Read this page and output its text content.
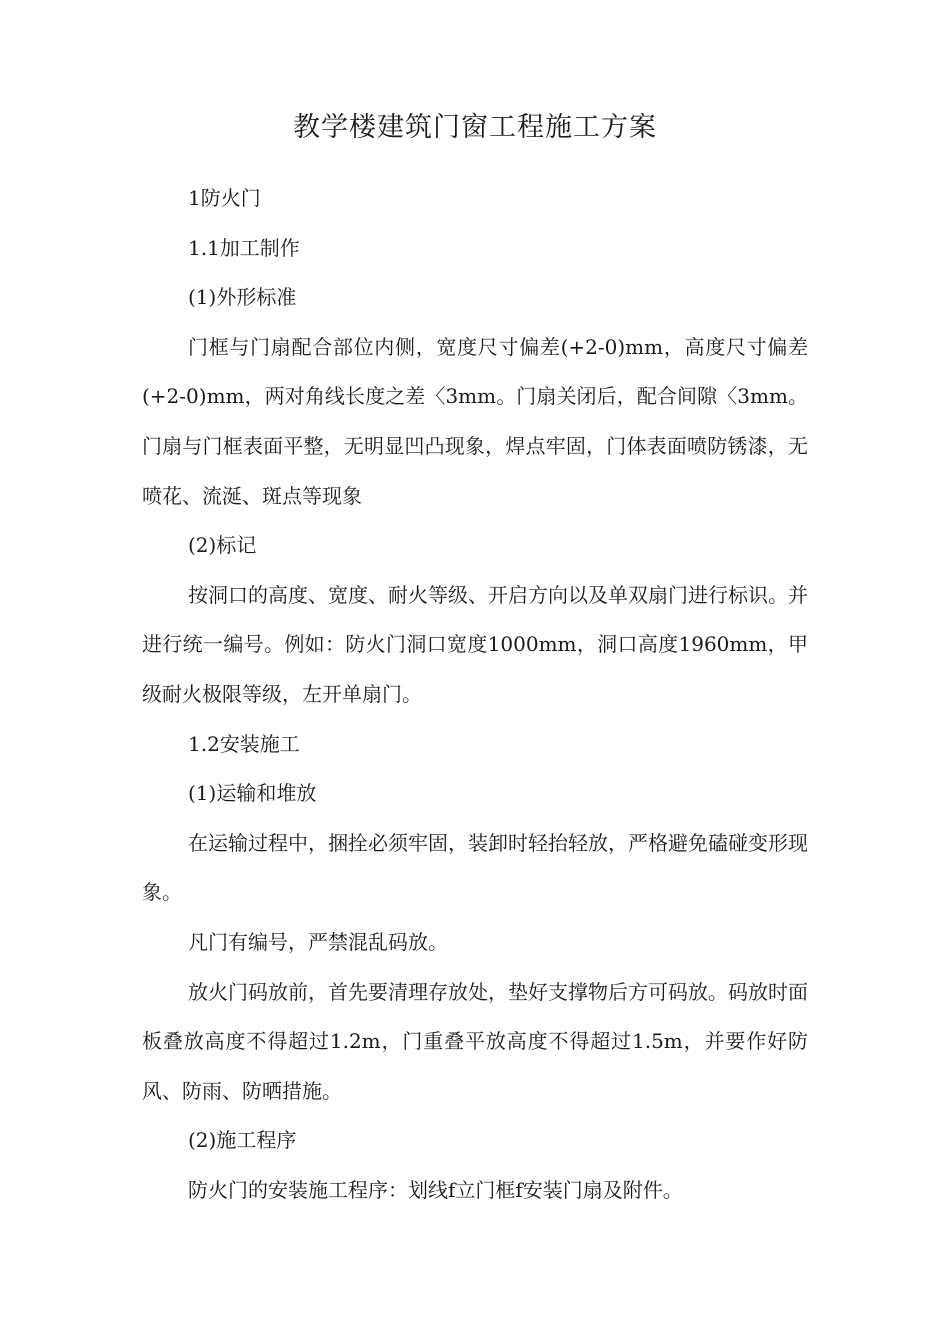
教学楼建筑门窗工程施工方案

1防火门

1.1加工制作

(1)外形标准

门框与门扇配合部位内侧，宽度尺寸偏差(+2-0)mm，高度尺寸偏差(+2-0)mm，两对角线长度之差〈3mm。门扇关闭后，配合间隙〈3mm。门扇与门框表面平整，无明显凹凸现象，焊点牢固，门体表面喷防锈漆，无喷花、流涎、斑点等现象

(2)标记

按洞口的高度、宽度、耐火等级、开启方向以及单双扇门进行标识。并进行统一编号。例如：防火门洞口宽度1000mm，洞口高度1960mm，甲级耐火极限等级，左开单扇门。

1.2安装施工

(1)运输和堆放

在运输过程中，捆拴必须牢固，装卸时轻抬轻放，严格避免磕碰变形现象。

凡门有编号，严禁混乱码放。

放火门码放前，首先要清理存放处，垫好支撑物后方可码放。码放时面板叠放高度不得超过1.2m，门重叠平放高度不得超过1.5m，并要作好防风、防雨、防晒措施。

(2)施工程序

防火门的安装施工程序：划线f立门框f安装门扇及附件。
